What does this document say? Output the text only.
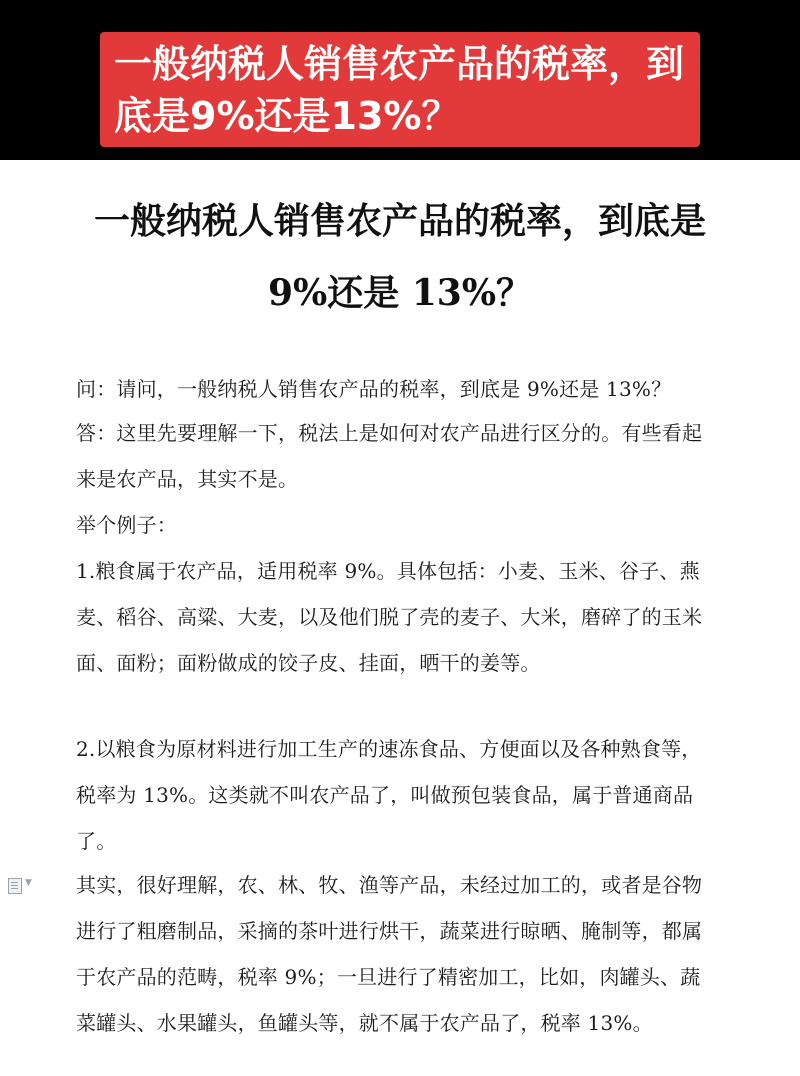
一般纳税人销售农产品的税率，到底是9%还是13%？
一般纳税人销售农产品的税率，到底是 9%还是 13%？
问：请问，一般纳税人销售农产品的税率，到底是 9%还是 13%？
答：这里先要理解一下，税法上是如何对农产品进行区分的。有些看起来是农产品，其实不是。
举个例子：
1.粮食属于农产品，适用税率 9%。具体包括：小麦、玉米、谷子、燕麦、稻谷、高粱、大麦，以及他们脱了壳的麦子、大米，磨碎了的玉米面、面粉；面粉做成的饺子皮、挂面，晒干的姜等。
2.以粮食为原材料进行加工生产的速冻食品、方便面以及各种熟食等，税率为 13%。这类就不叫农产品了，叫做预包装食品，属于普通商品了。
其实，很好理解，农、林、牧、渔等产品，未经过加工的，或者是谷物进行了粗磨制品，采摘的茶叶进行烘干，蔬菜进行晾晒、腌制等，都属于农产品的范畴，税率 9%；一旦进行了精密加工，比如，肉罐头、蔬菜罐头、水果罐头，鱼罐头等，就不属于农产品了，税率 13%。
▼
